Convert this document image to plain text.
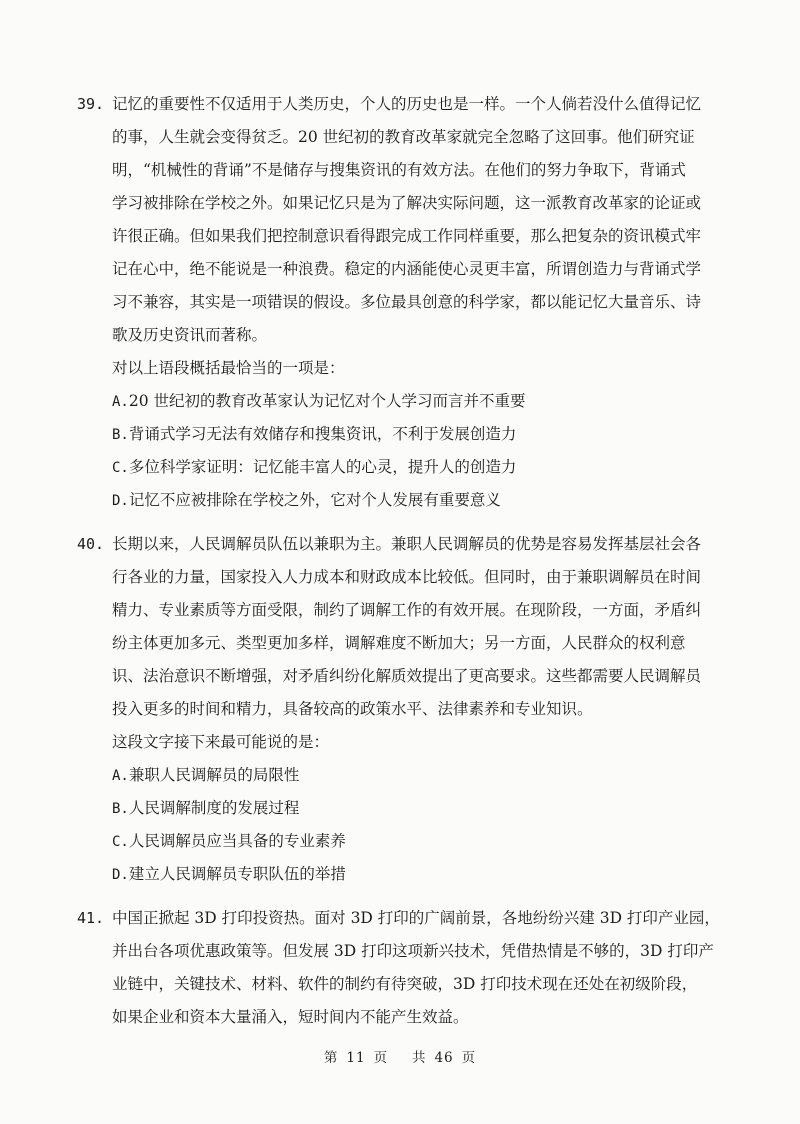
39. 记忆的重要性不仅适用于人类历史，个人的历史也是一样。一个人倘若没什么值得记忆
的事，人生就会变得贫乏。20 世纪初的教育改革家就完全忽略了这回事。他们研究证
明，“机械性的背诵”不是储存与搜集资讯的有效方法。在他们的努力争取下，背诵式
学习被排除在学校之外。如果记忆只是为了解决实际问题，这一派教育改革家的论证或
许很正确。但如果我们把控制意识看得跟完成工作同样重要，那么把复杂的资讯模式牢
记在心中，绝不能说是一种浪费。稳定的内涵能使心灵更丰富，所谓创造力与背诵式学
习不兼容，其实是一项错误的假设。多位最具创意的科学家，都以能记忆大量音乐、诗
歌及历史资讯而著称。
对以上语段概括最恰当的一项是：
A.20 世纪初的教育改革家认为记忆对个人学习而言并不重要
B.背诵式学习无法有效储存和搜集资讯，不利于发展创造力
C.多位科学家证明：记忆能丰富人的心灵，提升人的创造力
D.记忆不应被排除在学校之外，它对个人发展有重要意义
40. 长期以来，人民调解员队伍以兼职为主。兼职人民调解员的优势是容易发挥基层社会各
行各业的力量，国家投入人力成本和财政成本比较低。但同时，由于兼职调解员在时间
精力、专业素质等方面受限，制约了调解工作的有效开展。在现阶段，一方面，矛盾纠
纷主体更加多元、类型更加多样，调解难度不断加大；另一方面，人民群众的权利意
识、法治意识不断增强，对矛盾纠纷化解质效提出了更高要求。这些都需要人民调解员
投入更多的时间和精力，具备较高的政策水平、法律素养和专业知识。
这段文字接下来最可能说的是：
A.兼职人民调解员的局限性
B.人民调解制度的发展过程
C.人民调解员应当具备的专业素养
D.建立人民调解员专职队伍的举措
41. 中国正掀起 3D 打印投资热。面对 3D 打印的广阔前景，各地纷纷兴建 3D 打印产业园，
并出台各项优惠政策等。但发展 3D 打印这项新兴技术，凭借热情是不够的，3D 打印产
业链中，关键技术、材料、软件的制约有待突破，3D 打印技术现在还处在初级阶段，
如果企业和资本大量涌入，短时间内不能产生效益。
第 11 页 共 46 页
